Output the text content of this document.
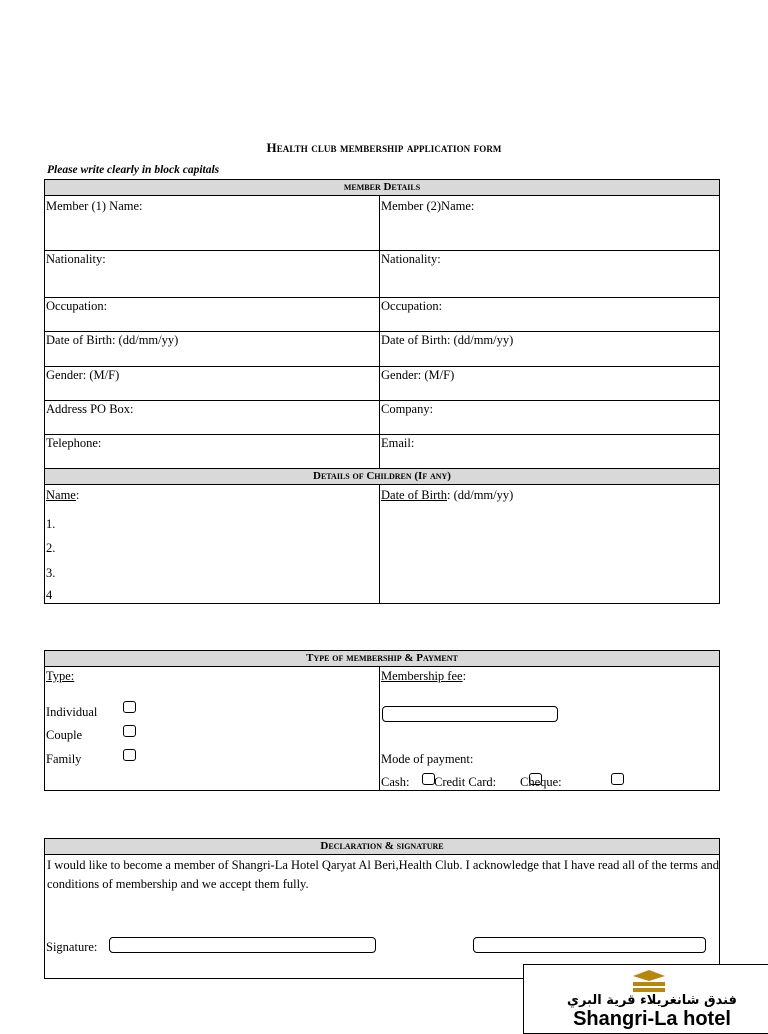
Health club membership application form
Please write clearly in block capitals
member Details
Details of Children (If any)
Member (1) Name:	Member (2)Name:
Nationality:	Nationality:
Occupation:	Occupation:
Date of Birth: (dd/mm/yy)	Date of Birth: (dd/mm/yy)
Gender: (M/F)	Gender: (M/F)
Address PO Box:	Company:
Telephone:	Email:
Name:	Date of Birth: (dd/mm/yy)
1.
2.
3.
4
Type of membership & Payment
Type:
Individual
Couple
Family
Membership fee:
Mode of payment:
Cash: Credit Card: Cheque:
Declaration & signature
I would like to become a member of Shangri-La Hotel Qaryat Al Beri,Health Club. I acknowledge that I have read all of the terms and conditions of membership and we accept them fully.
Signature:
فندق شانغريلاء قرية البري
Shangri-La hotel
